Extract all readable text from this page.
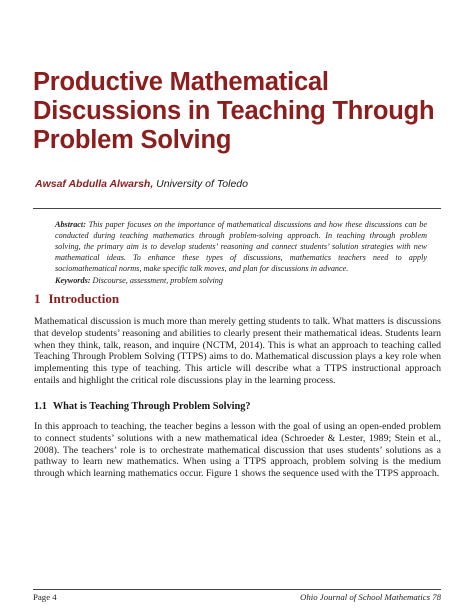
Productive Mathematical Discussions in Teaching Through Problem Solving

Awsaf Abdulla Alwarsh, University of Toledo

Abstract: This paper focuses on the importance of mathematical discussions and how these discussions can be conducted during teaching mathematics through problem-solving approach. In teaching through problem solving, the primary aim is to develop students’ reasoning and connect students’ solution strategies with new mathematical ideas. To enhance these types of discussions, mathematics teachers need to apply sociomathematical norms, make specific talk moves, and plan for discussions in advance.

Keywords: Discourse, assessment, problem solving

1 Introduction

Mathematical discussion is much more than merely getting students to talk. What matters is discussions that develop students’ reasoning and abilities to clearly present their mathematical ideas. Students learn when they think, talk, reason, and inquire (NCTM, 2014). This is what an approach to teaching called Teaching Through Problem Solving (TTPS) aims to do. Mathematical discussion plays a key role when implementing this type of teaching. This article will describe what a TTPS instructional approach entails and highlight the critical role discussions play in the learning process.

1.1 What is Teaching Through Problem Solving?

In this approach to teaching, the teacher begins a lesson with the goal of using an open-ended problem to connect students’ solutions with a new mathematical idea (Schroeder & Lester, 1989; Stein et al., 2008). The teachers’ role is to orchestrate mathematical discussion that uses students’ solutions as a pathway to learn new mathematics. When using a TTPS approach, problem solving is the medium through which learning mathematics occur. Figure 1 shows the sequence used with the TTPS approach.

Page 4	Ohio Journal of School Mathematics 78
